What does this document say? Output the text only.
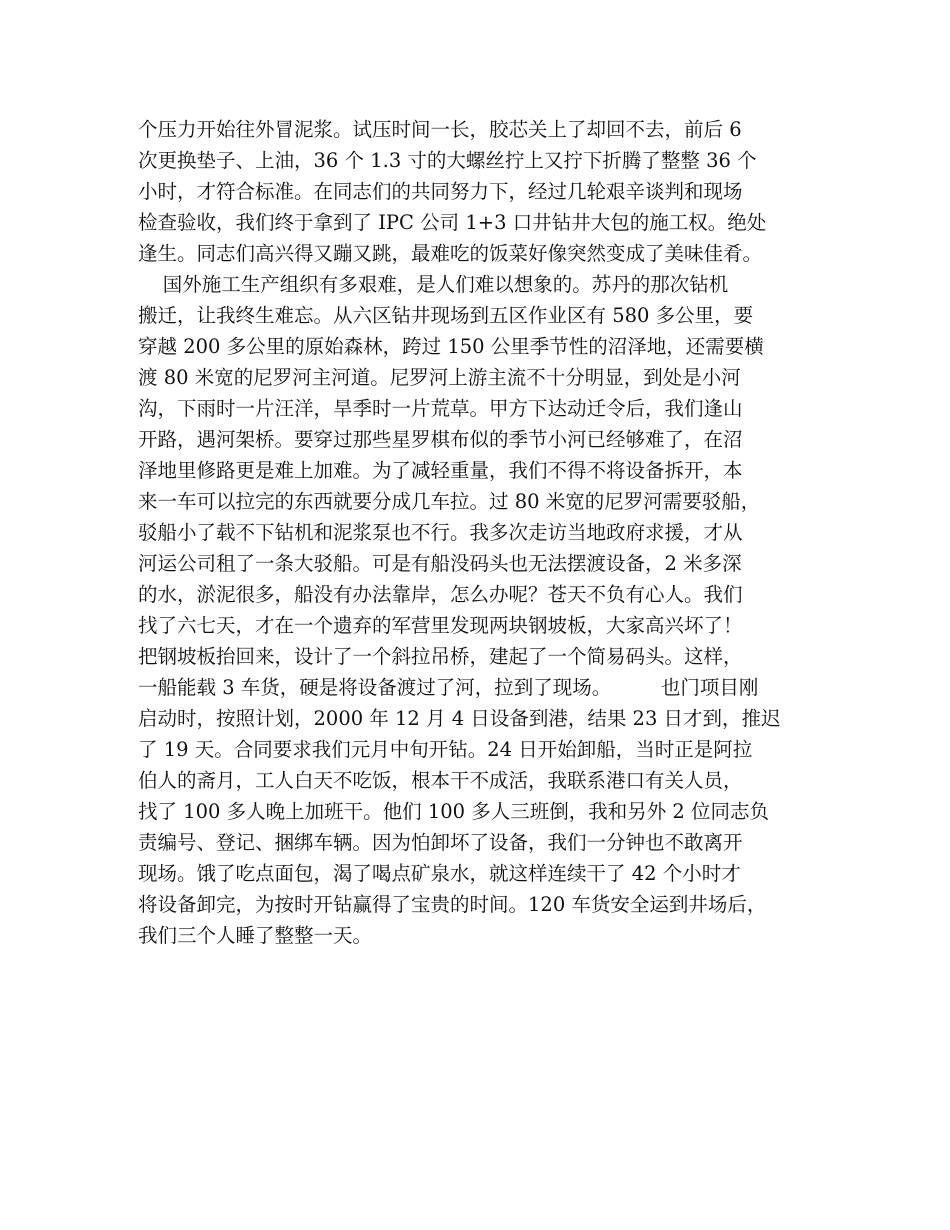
个压力开始往外冒泥浆。试压时间一长，胶芯关上了却回不去，前后 6
次更换垫子、上油，36 个 1.3 寸的大螺丝拧上又拧下折腾了整整 36 个
小时，才符合标准。在同志们的共同努力下，经过几轮艰辛谈判和现场
检查验收，我们终于拿到了 IPC 公司 1+3 口井钻井大包的施工权。绝处
逢生。同志们高兴得又蹦又跳，最难吃的饭菜好像突然变成了美味佳肴。
国外施工生产组织有多艰难，是人们难以想象的。苏丹的那次钻机
搬迁，让我终生难忘。从六区钻井现场到五区作业区有 580 多公里，要
穿越 200 多公里的原始森林，跨过 150 公里季节性的沼泽地，还需要横
渡 80 米宽的尼罗河主河道。尼罗河上游主流不十分明显，到处是小河
沟，下雨时一片汪洋，旱季时一片荒草。甲方下达动迁令后，我们逢山
开路，遇河架桥。要穿过那些星罗棋布似的季节小河已经够难了，在沼
泽地里修路更是难上加难。为了减轻重量，我们不得不将设备拆开，本
来一车可以拉完的东西就要分成几车拉。过 80 米宽的尼罗河需要驳船，
驳船小了载不下钻机和泥浆泵也不行。我多次走访当地政府求援，才从
河运公司租了一条大驳船。可是有船没码头也无法摆渡设备，2 米多深
的水，淤泥很多，船没有办法靠岸，怎么办呢？苍天不负有心人。我们
找了六七天，才在一个遗弃的军营里发现两块钢坡板，大家高兴坏了！
把钢坡板抬回来，设计了一个斜拉吊桥，建起了一个简易码头。这样，
一船能载 3 车货，硬是将设备渡过了河，拉到了现场。        也门项目刚
启动时，按照计划，2000 年 12 月 4 日设备到港，结果 23 日才到，推迟
了 19 天。合同要求我们元月中旬开钻。24 日开始卸船，当时正是阿拉
伯人的斋月，工人白天不吃饭，根本干不成活，我联系港口有关人员，
找了 100 多人晚上加班干。他们 100 多人三班倒，我和另外 2 位同志负
责编号、登记、捆绑车辆。因为怕卸坏了设备，我们一分钟也不敢离开
现场。饿了吃点面包，渴了喝点矿泉水，就这样连续干了 42 个小时才
将设备卸完，为按时开钻赢得了宝贵的时间。120 车货安全运到井场后，
我们三个人睡了整整一天。
